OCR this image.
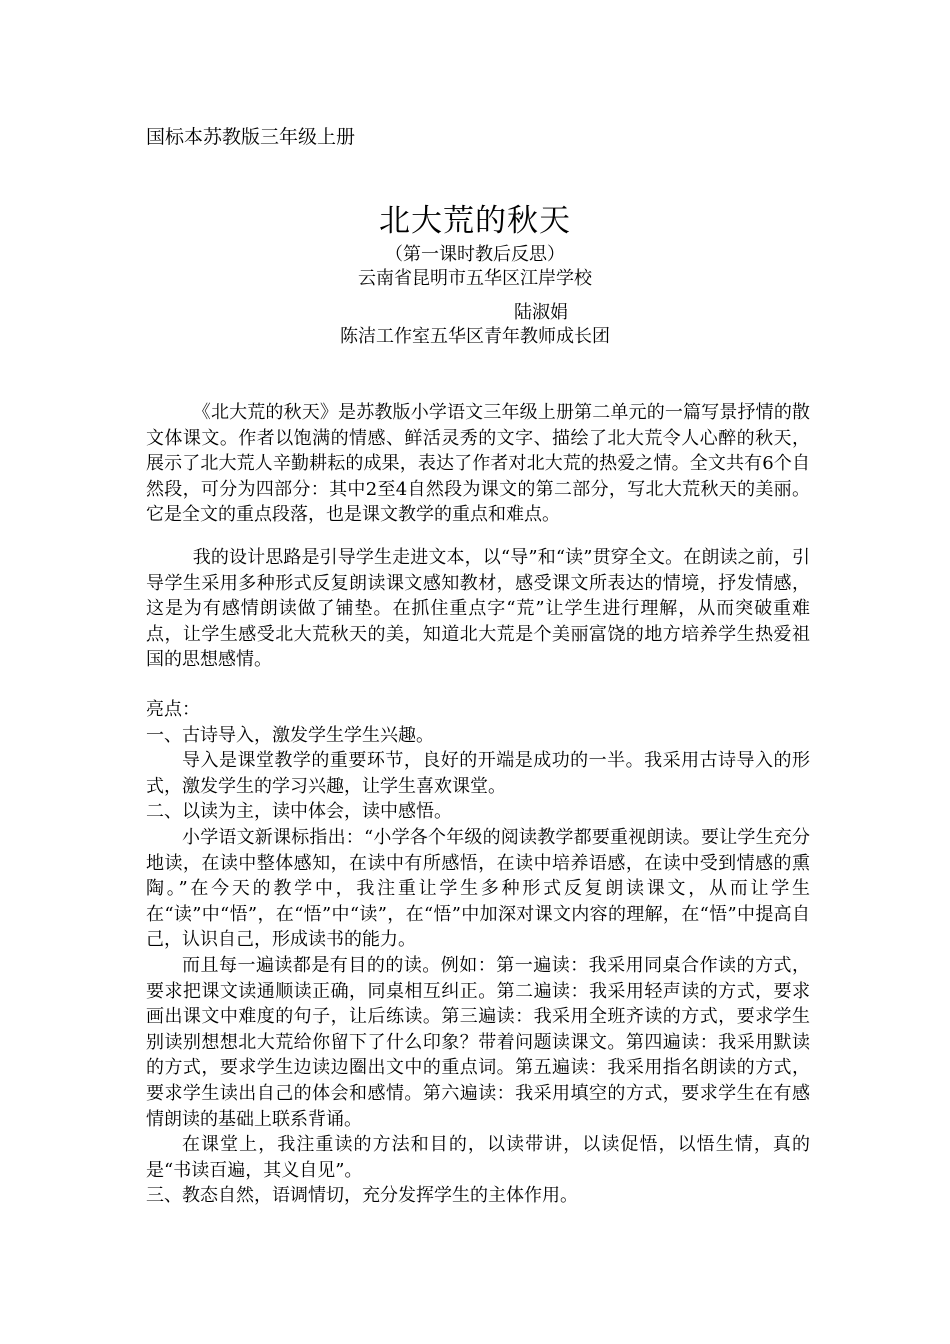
国标本苏教版三年级上册
北大荒的秋天
（第一课时教后反思）
云南省昆明市五华区江岸学校
陆淑娟
陈洁工作室五华区青年教师成长团

《北大荒的秋天》是苏教版小学语文三年级上册第二单元的一篇写景抒情的散文体课文。作者以饱满的情感、鲜活灵秀的文字、描绘了北大荒令人心醉的秋天，展示了北大荒人辛勤耕耘的成果，表达了作者对北大荒的热爱之情。全文共有6个自然段，可分为四部分：其中2至4自然段为课文的第二部分，写北大荒秋天的美丽。它是全文的重点段落，也是课文教学的重点和难点。

我的设计思路是引导学生走进文本，以“导”和“读”贯穿全文。在朗读之前，引导学生采用多种形式反复朗读课文感知教材，感受课文所表达的情境，抒发情感，这是为有感情朗读做了铺垫。在抓住重点字“荒”让学生进行理解，从而突破重难点，让学生感受北大荒秋天的美，知道北大荒是个美丽富饶的地方培养学生热爱祖国的思想感情。

亮点：

一、古诗导入，激发学生学生兴趣。

导入是课堂教学的重要环节，良好的开端是成功的一半。我采用古诗导入的形式，激发学生的学习兴趣，让学生喜欢课堂。

二、以读为主，读中体会，读中感悟。

小学语文新课标指出：“小学各个年级的阅读教学都要重视朗读。要让学生充分地读，在读中整体感知，在读中有所感悟，在读中培养语感，在读中受到情感的熏陶。”在今天的教学中，我注重让学生多种形式反复朗读课文，从而让学生在“读”中“悟”，在“悟”中“读”，在“悟”中加深对课文内容的理解，在“悟”中提高自己，认识自己，形成读书的能力。

而且每一遍读都是有目的的读。例如：第一遍读：我采用同桌合作读的方式，要求把课文读通顺读正确，同桌相互纠正。第二遍读：我采用轻声读的方式，要求画出课文中难度的句子，让后练读。第三遍读：我采用全班齐读的方式，要求学生别读别想想北大荒给你留下了什么印象？带着问题读课文。第四遍读：我采用默读的方式，要求学生边读边圈出文中的重点词。第五遍读：我采用指名朗读的方式，要求学生读出自己的体会和感情。第六遍读：我采用填空的方式，要求学生在有感情朗读的基础上联系背诵。

在课堂上，我注重读的方法和目的，以读带讲，以读促悟，以悟生情，真的是“书读百遍，其义自见”。

三、教态自然，语调情切，充分发挥学生的主体作用。
